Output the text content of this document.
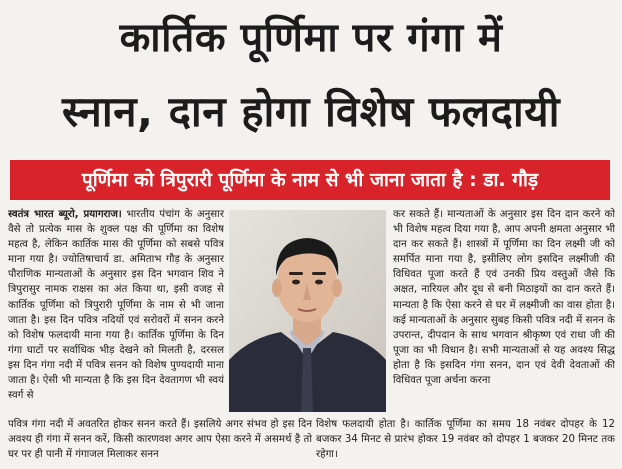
कार्तिक पूर्णिमा पर गंगा में
स्नान, दान होगा विशेष फलदायी
पूर्णिमा को त्रिपुरारी पूर्णिमा के नाम से भी जाना जाता है : डा. गौड़
स्वतंत्र भारत ब्यूरो, प्रयागराज। भारतीय पंचांग के अनुसार वैसे तो प्रत्येक मास के शुक्ल पक्ष की पूर्णिमा का विशेष महत्व है, लेकिन कार्तिक मास की पूर्णिमा को सबसे पवित्र माना गया है। ज्योतिषाचार्य डा. अमिताभ गौड़ के अनुसार पौराणिक मान्यताओं के अनुसार इस दिन भगवान शिव ने त्रिपुरासुर नामक राक्षस का अंत किया था, इसी वजह से कार्तिक पूर्णिमा को त्रिपुरारी पूर्णिमा के नाम से भी जाना जाता है। इस दिन पवित्र नदियों एवं सरोवरों में सनन करने को विशेष फलदायी माना गया है। कार्तिक पूर्णिमा के दिन गंगा घाटों पर सर्वाधिक भीड़ देखने को मिलती है, दरसल इस दिन गंगा नदी में पवित्र सनन को विशेष पुण्यदायी माना जाता है। ऐसी भी मान्यता है कि इस दिन देवतागण भी स्वयं स्वर्ग से
कर सकते हैं। मान्यताओं के अनुसार इस दिन दान करने को भी विशेष महत्व दिया गया है, आप अपनी क्षमता अनुसार भी दान कर सकते हैं। शास्त्रों में पूर्णिमा का दिन लक्ष्मी जी को समर्पित माना गया है, इसीलिए लोग इसदिन लक्ष्मीजी की विधिवत पूजा करते हैं एवं उनकी प्रिय वस्तुओं जैसे कि अक्षत, नारियल और दूध से बनी मिठाइयों का दान करते हैं। मान्यता है कि ऐसा करने से घर में लक्ष्मीजी का वास होता है। कई मान्यताओं के अनुसार सुबह किसी पवित्र नदी में सनन के उपरान्त, दीपदान के साथ भगवान श्रीकृष्ण एवं राधा जी की पूजा का भी विधान है। सभी मान्यताओं से यह अवश्य सिद्ध होता है कि इसदिन गंगा सनन, दान एवं देवी देवताओं की विधिवत पूजा अर्चना करना
पवित्र गंगा नदी में अवतरित होकर सनन करते हैं। इसलिये अगर संभव हो इस दिन अवश्य ही गंगा में सनन करें, किसी कारणवश अगर आप ऐसा करने में असमर्थ है तो घर पर ही पानी में गंगाजल मिलाकर सनन
विशेष फलदायी होता है। कार्तिक पूर्णिमा का समय 18 नवंबर दोपहर के 12 बजकर 34 मिनट से प्रारंभ होकर 19 नवंबर को दोपहर 1 बजकर 20 मिनट तक रहेगा।
